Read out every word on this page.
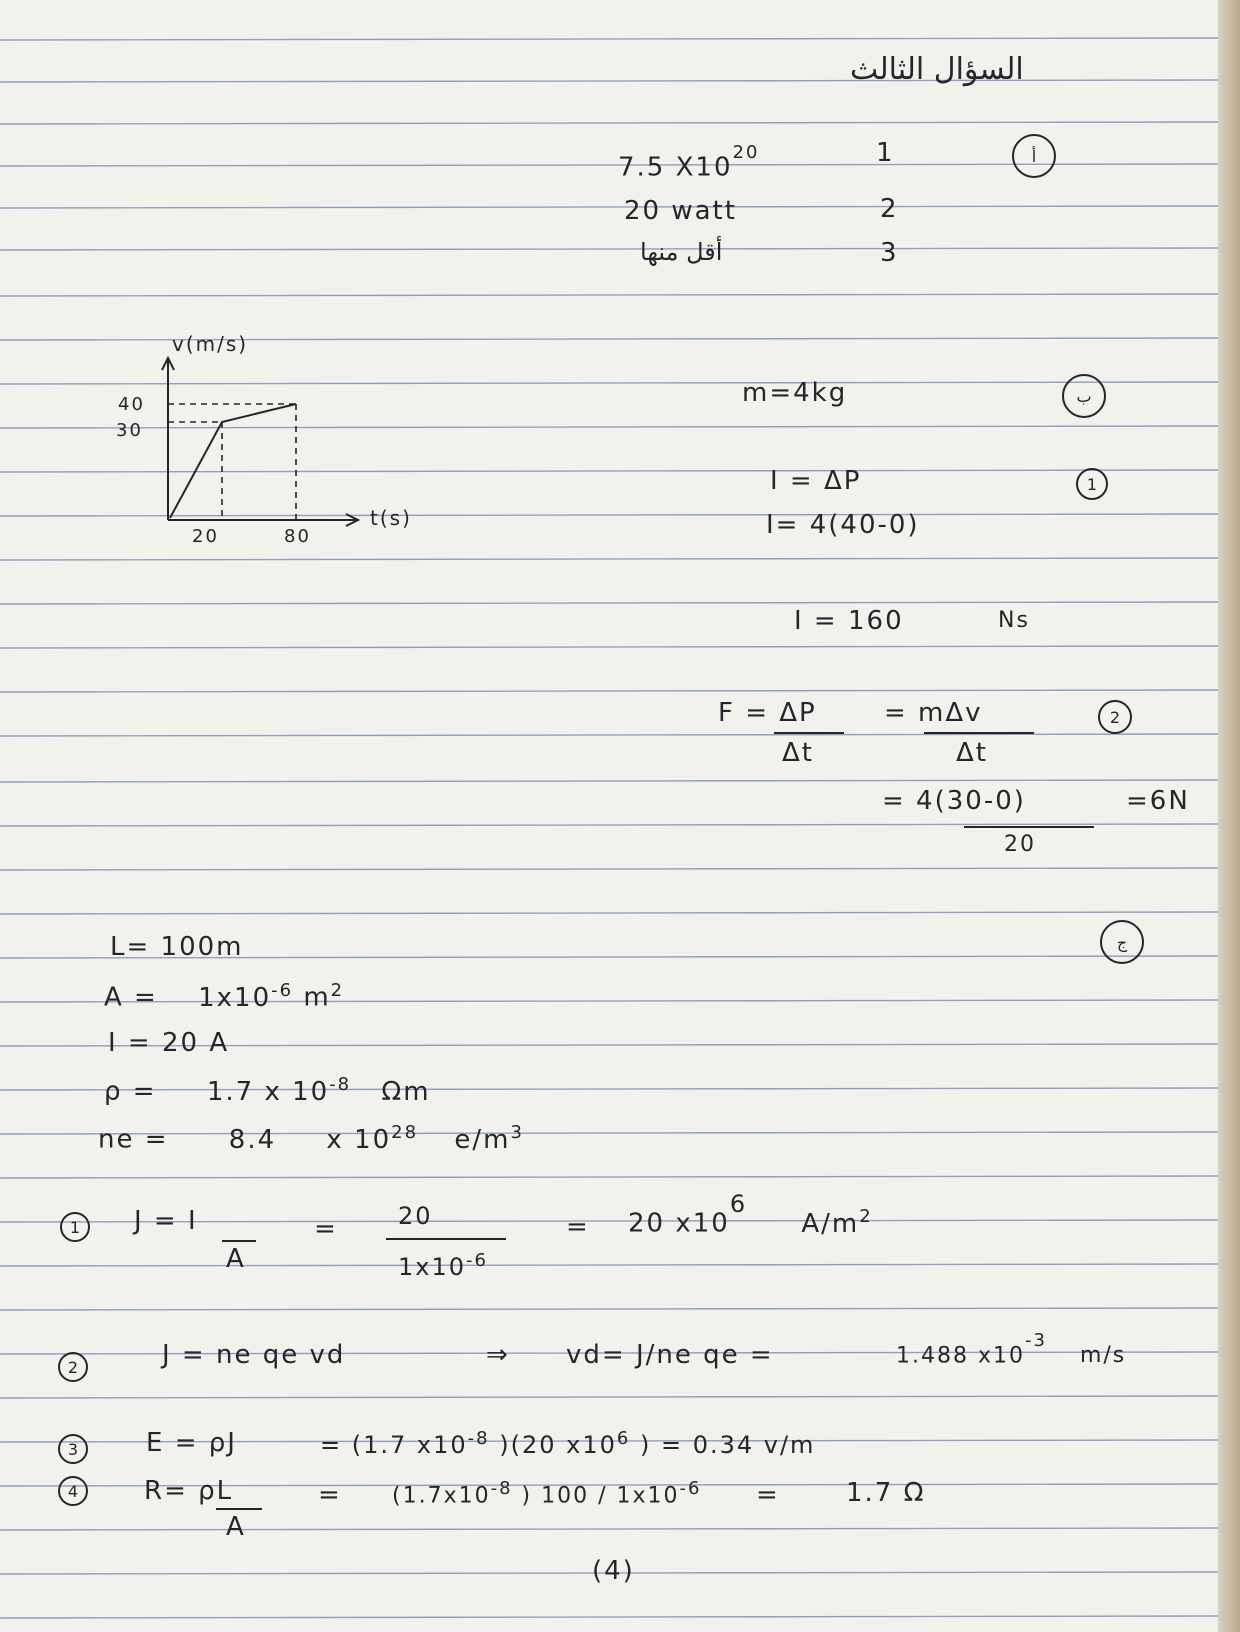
السؤال الثالث
أ
7.5 $X10^{20}$	1
20 watt	2
أقل منها	3
v(m/s)
t(s)
40
30
20	80
ب
m=4kg
1
I = ΔP
I= 4(40-0)
I = 160	Ns
2
F = ΔP
Δt
= mΔv
Δt
= 4(30-0)
20
=6N
ج
L= 100m
$A = 1x10^{-6}$ $m^2$
I = 20 A
ρ = 1.7 x $10^{-8}$ Ωm
ne = 8.4 x $10^{28}$ $e/m^3$
1	J = I
A
=	20
$1x10^{-6}$
= 20 $x10^6$ $A/m^2$
2	J = ne qe vd	⇒ vd= J/ne qe =	1.488 $x10^{-3}$ m/s
3	E = ρJ	= (1.7 $x10^{-8}$ )(20 $x10^6$ ) = 0.34 v/m
4	R= ρL
A
= ($1.7x10^{-8}$ ) $100 / 1x10^{-6}$ =	1.7 Ω
(4)
